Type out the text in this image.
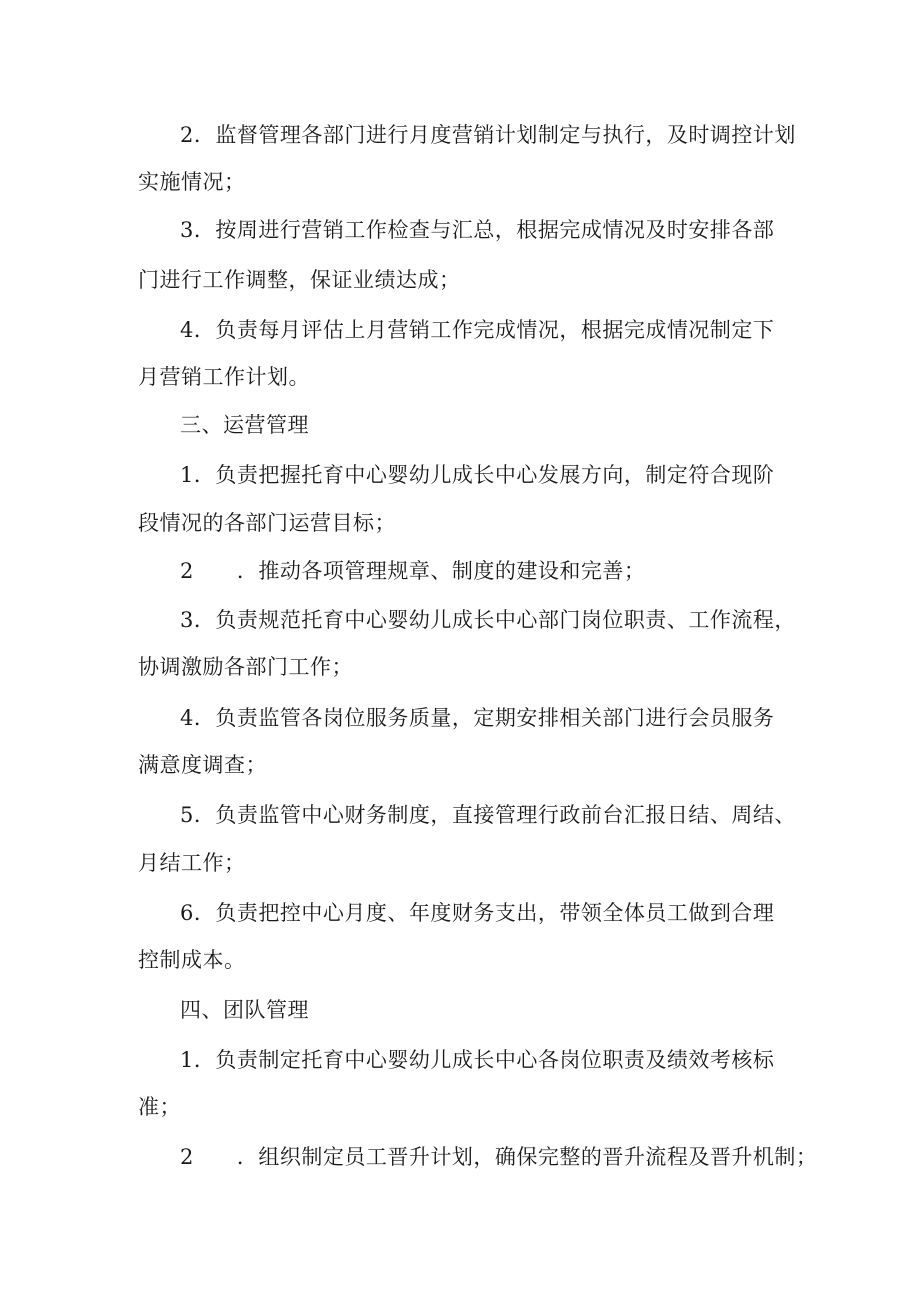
2．监督管理各部门进行月度营销计划制定与执行，及时调控计划
实施情况；
3．按周进行营销工作检查与汇总，根据完成情况及时安排各部
门进行工作调整，保证业绩达成；
4．负责每月评估上月营销工作完成情况，根据完成情况制定下
月营销工作计划。
三、运营管理
1．负责把握托育中心婴幼儿成长中心发展方向，制定符合现阶
段情况的各部门运营目标；
2　　．推动各项管理规章、制度的建设和完善；
3．负责规范托育中心婴幼儿成长中心部门岗位职责、工作流程，
协调激励各部门工作；
4．负责监管各岗位服务质量，定期安排相关部门进行会员服务
满意度调查；
5．负责监管中心财务制度，直接管理行政前台汇报日结、周结、
月结工作；
6．负责把控中心月度、年度财务支出，带领全体员工做到合理
控制成本。
四、团队管理
1．负责制定托育中心婴幼儿成长中心各岗位职责及绩效考核标
准；
2　　．组织制定员工晋升计划，确保完整的晋升流程及晋升机制；
